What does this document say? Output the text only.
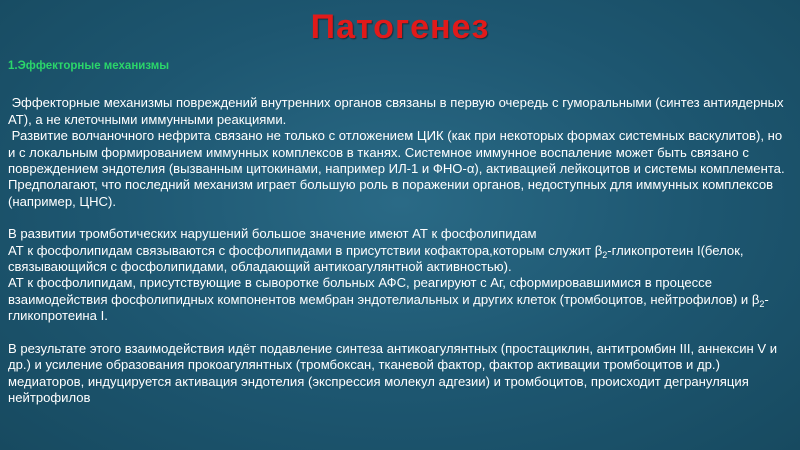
Патогенез
1.Эффекторные механизмы

Эффекторные механизмы повреждений внутренних органов связаны в первую очередь с гуморальными (синтез антиядерных АТ), а не клеточными иммунными реакциями.

Развитие волчаночного нефрита связано не только с отложением ЦИК (как при некоторых формах системных васкулитов), но и с локальным формированием иммунных комплексов в тканях. Системное иммунное воспаление может быть связано с повреждением эндотелия (вызванным цитокинами, например ИЛ-1 и ФНО-α), активацией лейкоцитов и системы комплемента. Предполагают, что последний механизм играет большую роль в поражении органов, недоступных для иммунных комплексов (например, ЦНС).

В развитии тромботических нарушений большое значение имеют АТ к фосфолипидам

АТ к фосфолипидам связываются с фосфолипидами в присутствии кофактора,которым служит $\beta_2$-гликопротеин I(белок, связывающийся с фосфолипидами, обладающий антикоагулянтной активностью).

АТ к фосфолипидам, присутствующие в сыворотке больных АФС, реагируют с Аг, сформировавшимися в процессе взаимодействия фосфолипидных компонентов мембран эндотелиальных и других клеток (тромбоцитов, нейтрофилов) и $\beta_2$-гликопротеина I.

В результате этого взаимодействия идёт подавление синтеза антикоагулянтных (простациклин, антитромбин III, аннексин V и др.) и усиление образования прокоагулянтных (тромбоксан, тканевой фактор, фактор активации тромбоцитов и др.) медиаторов, индуцируется активация эндотелия (экспрессия молекул адгезии) и тромбоцитов, происходит дегрануляция нейтрофилов
